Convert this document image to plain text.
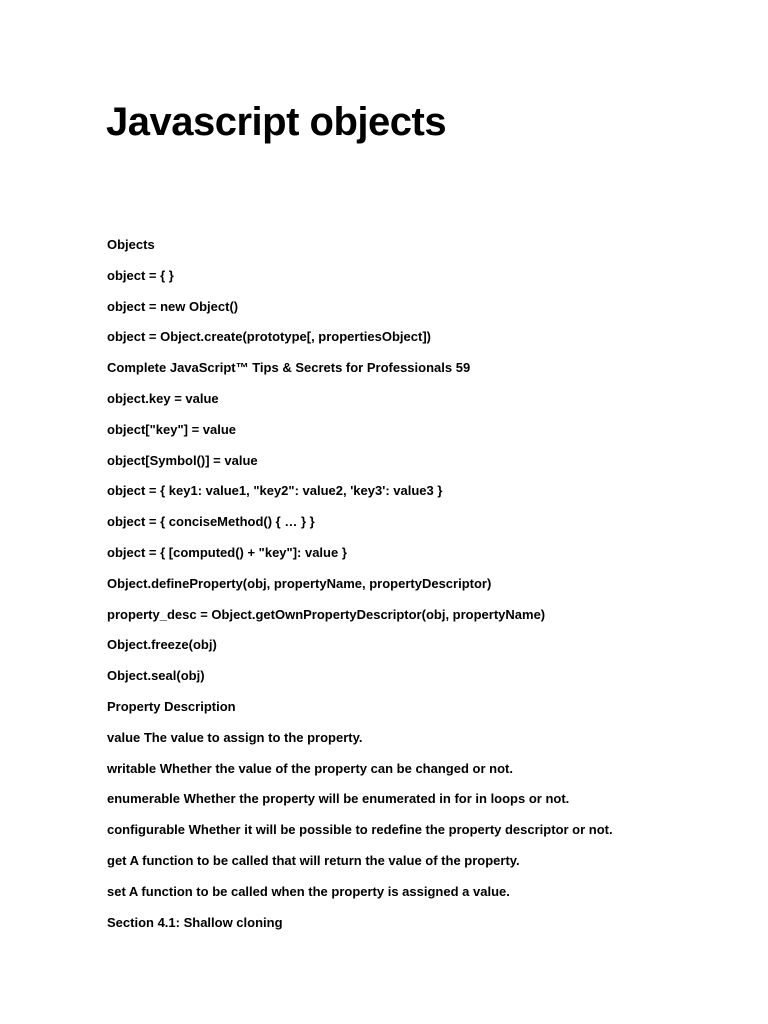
Javascript objects
Objects
object = { }
object = new Object()
object = Object.create(prototype[, propertiesObject])
Complete JavaScript™ Tips & Secrets for Professionals 59
object.key = value
object["key"] = value
object[Symbol()] = value
object = { key1: value1, "key2": value2, 'key3': value3 }
object = { conciseMethod() { … } }
object = { [computed() + "key"]: value }
Object.defineProperty(obj, propertyName, propertyDescriptor)
property_desc = Object.getOwnPropertyDescriptor(obj, propertyName)
Object.freeze(obj)
Object.seal(obj)
Property Description
value The value to assign to the property.
writable Whether the value of the property can be changed or not.
enumerable Whether the property will be enumerated in for in loops or not.
configurable Whether it will be possible to redefine the property descriptor or not.
get A function to be called that will return the value of the property.
set A function to be called when the property is assigned a value.
Section 4.1: Shallow cloning
